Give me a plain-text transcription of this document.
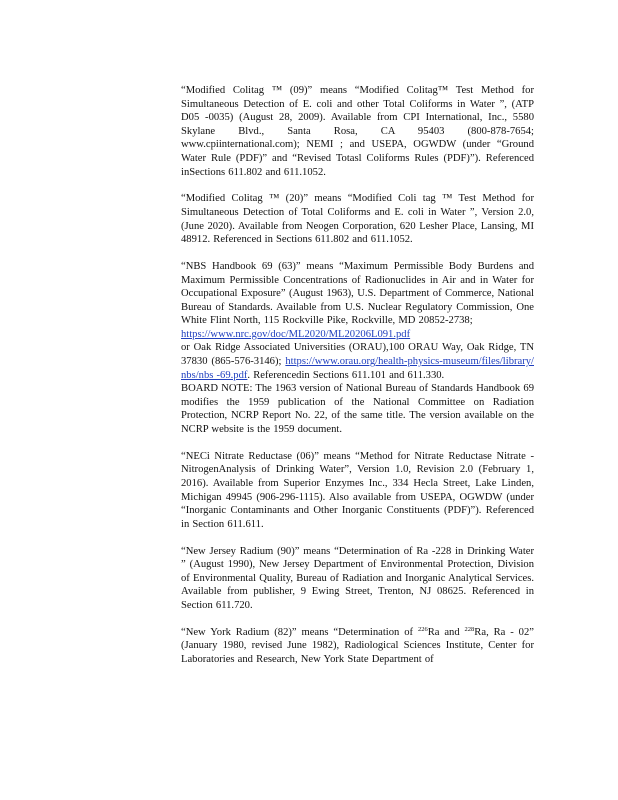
“Modified Colitag ™ (09)” means “Modified Colitag™ Test Method for Simultaneous Detection of E. coli and other Total Coliforms in Water ”, (ATP D05 -0035) (August 28, 2009). Available from CPI International, Inc., 5580 Skylane Blvd., Santa Rosa, CA 95403 (800-878-7654; www.cpiinternational.com); NEMI ; and USEPA, OGWDW (under “Ground Water Rule (PDF)” and “Revised Totasl Coliforms Rules (PDF)”). Referenced inSections 611.802 and 611.1052.

“Modified Colitag ™ (20)” means “Modified Coli tag ™ Test Method for Simultaneous Detection of Total Coliforms and E. coli in Water ”, Version 2.0, (June 2020). Available from Neogen Corporation, 620 Lesher Place, Lansing, MI 48912. Referenced in Sections 611.802 and 611.1052.

“NBS Handbook 69 (63)” means “Maximum Permissible Body Burdens and Maximum Permissible Concentrations of Radionuclides in Air and in Water for Occupational Exposure” (August 1963), U.S. Department of Commerce, National Bureau of Standards. Available from U.S. Nuclear Regulatory Commission, One White Flint North, 115 Rockville Pike, Rockville, MD 20852-2738;
https://www.nrc.gov/doc/ML2020/ML20206L091.pdf
or Oak Ridge Associated Universities (ORAU),100 ORAU Way, Oak Ridge, TN 37830 (865-576-3146); https://www.orau.org/health-physics-museum/files/library/nbs/nbs -69.pdf. Referencedin Sections 611.101 and 611.330.

BOARD NOTE: The 1963 version of National Bureau of Standards Handbook 69 modifies the 1959 publication of the National Committee on Radiation Protection, NCRP Report No. 22, of the same title. The version available on the NCRP website is the 1959 document.

“NECi Nitrate Reductase (06)” means “Method for Nitrate Reductase Nitrate -NitrogenAnalysis of Drinking Water”, Version 1.0, Revision 2.0 (February 1, 2016). Available from Superior Enzymes Inc., 334 Hecla Street, Lake Linden, Michigan 49945 (906-296-1115). Also available from USEPA, OGWDW (under “Inorganic Contaminants and Other Inorganic Constituents (PDF)”). Referenced in Section 611.611.

“New Jersey Radium (90)” means “Determination of Ra -228 in Drinking Water ” (August 1990), New Jersey Department of Environmental Protection, Division of Environmental Quality, Bureau of Radiation and Inorganic Analytical Services. Available from publisher, 9 Ewing Street, Trenton, NJ 08625. Referenced in Section 611.720.

“New York Radium (82)” means “Determination of $^{226}$Ra and $^{228}$Ra, Ra - 02” (January 1980, revised June 1982), Radiological Sciences Institute, Center for Laboratories and Research, New York State Department of
